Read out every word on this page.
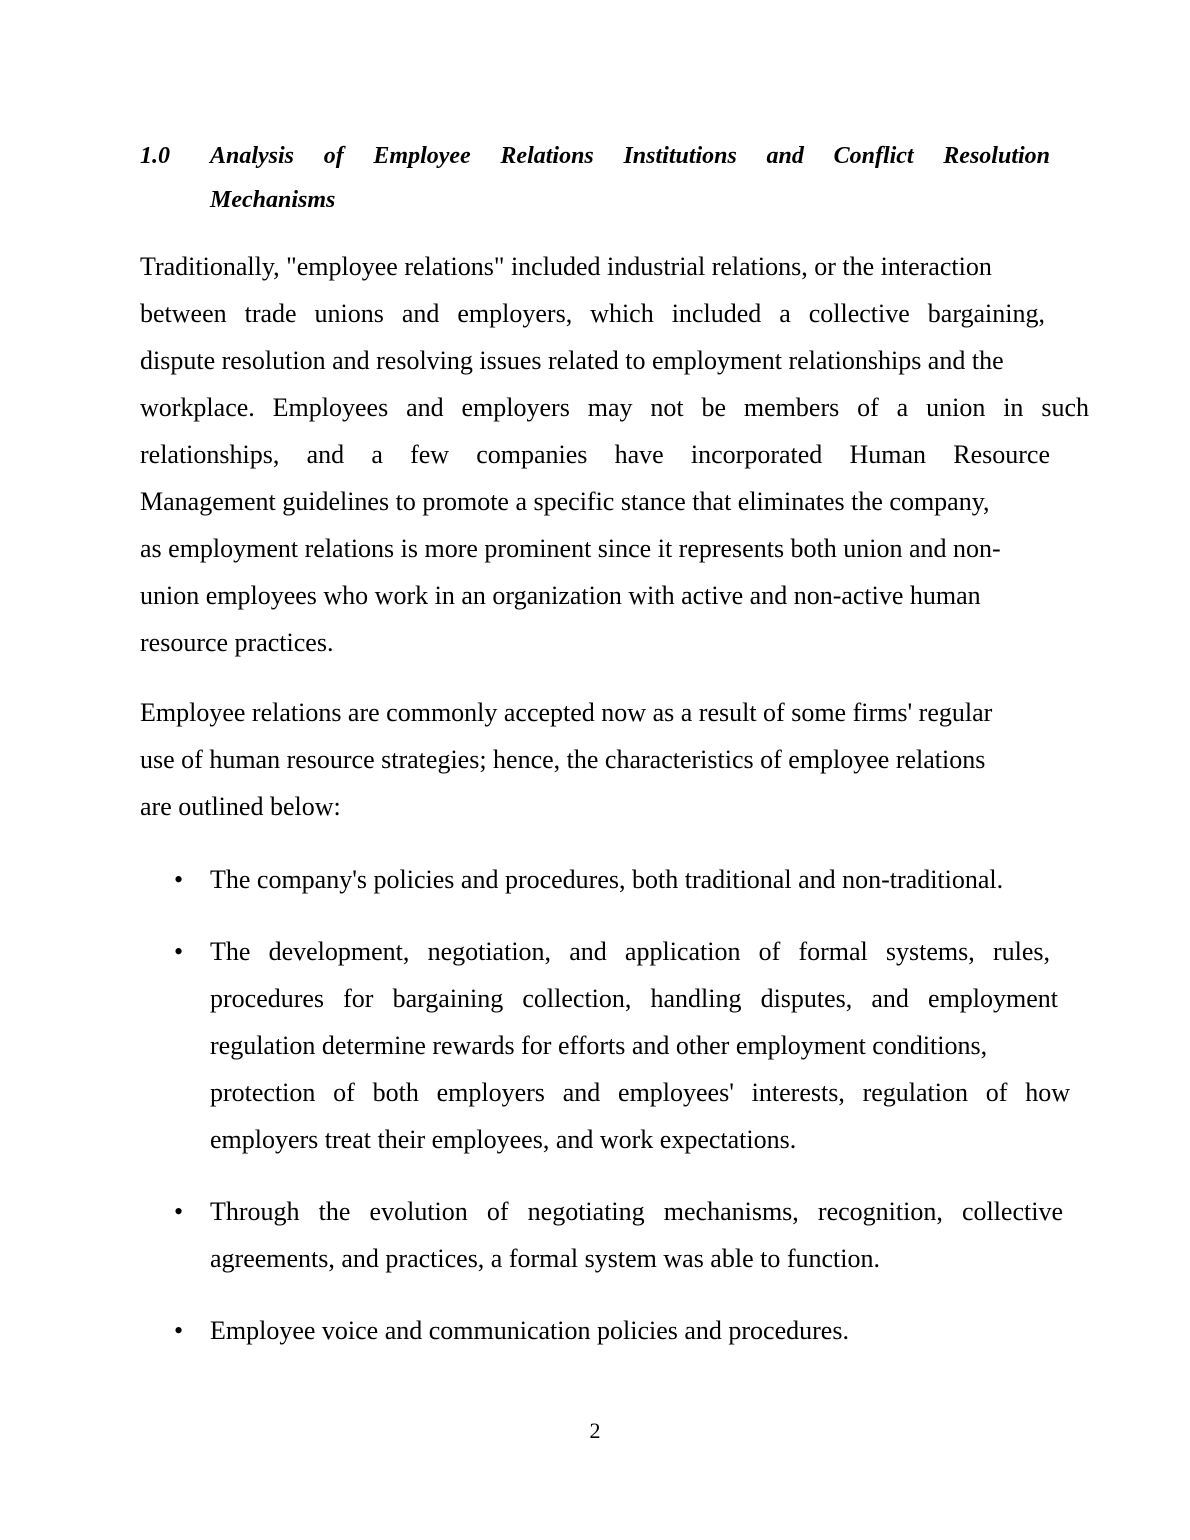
1.0 Analysis of Employee Relations Institutions and Conflict Resolution
Mechanisms
Traditionally, "employee relations" included industrial relations, or the interaction
between trade unions and employers, which included a collective bargaining,
dispute resolution and resolving issues related to employment relationships and the
workplace. Employees and employers may not be members of a union in such
relationships, and a few companies have incorporated Human Resource
Management guidelines to promote a specific stance that eliminates the company,
as employment relations is more prominent since it represents both union and non-
union employees who work in an organization with active and non-active human
resource practices.
Employee relations are commonly accepted now as a result of some firms' regular
use of human resource strategies; hence, the characteristics of employee relations
are outlined below:
• The company's policies and procedures, both traditional and non-traditional.
• The development, negotiation, and application of formal systems, rules,
procedures for bargaining collection, handling disputes, and employment
regulation determine rewards for efforts and other employment conditions,
protection of both employers and employees' interests, regulation of how
employers treat their employees, and work expectations.
• Through the evolution of negotiating mechanisms, recognition, collective
agreements, and practices, a formal system was able to function.
• Employee voice and communication policies and procedures.
2
